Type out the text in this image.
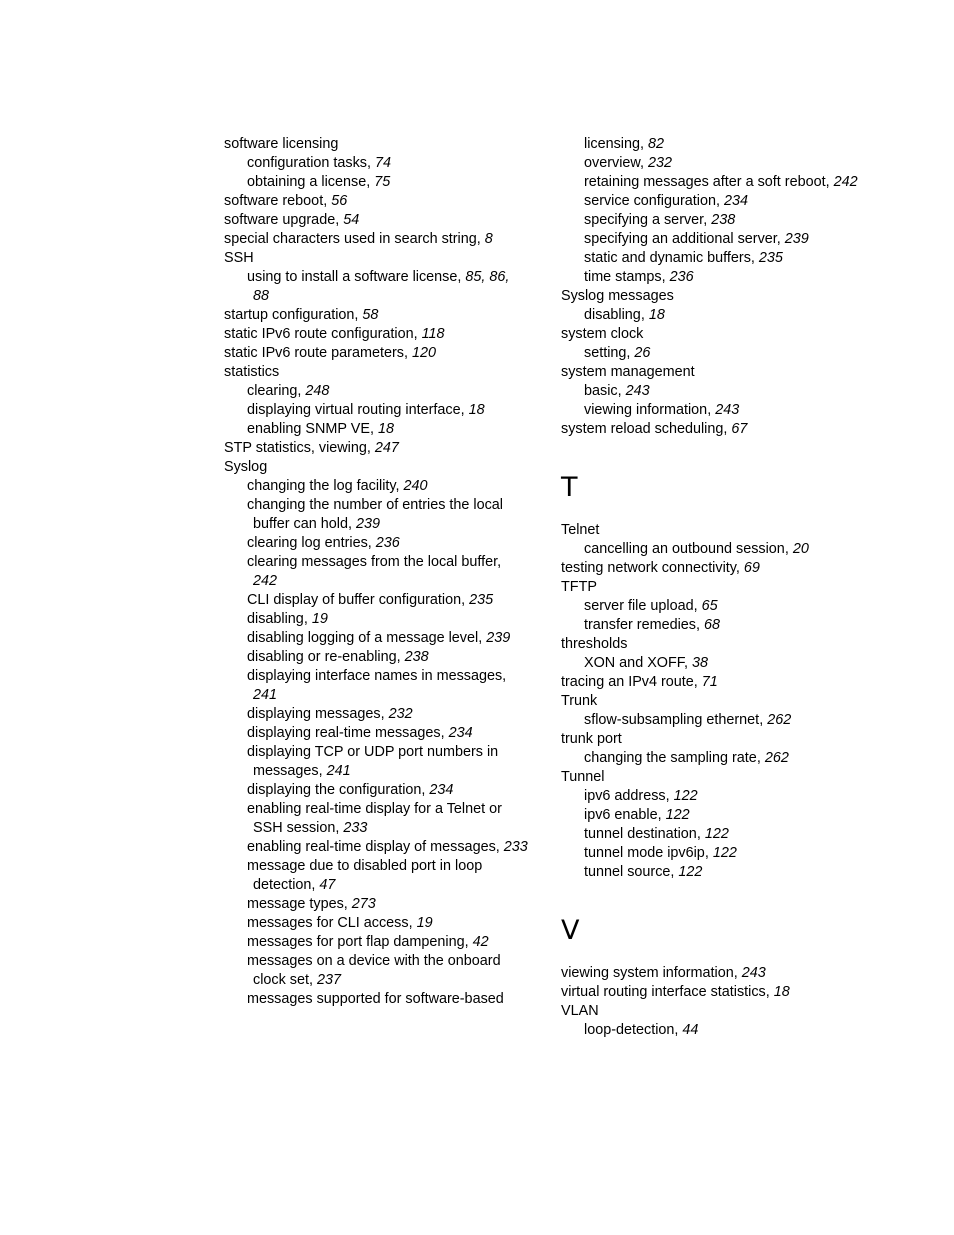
software licensing
configuration tasks, 74
obtaining a license, 75
software reboot, 56
software upgrade, 54
special characters used in search string, 8
SSH
using to install a software license, 85, 86,
88
startup configuration, 58
static IPv6 route configuration, 118
static IPv6 route parameters, 120
statistics
clearing, 248
displaying virtual routing interface, 18
enabling SNMP VE, 18
STP statistics, viewing, 247
Syslog
changing the log facility, 240
changing the number of entries the local
buffer can hold, 239
clearing log entries, 236
clearing messages from the local buffer,
242
CLI display of buffer configuration, 235
disabling, 19
disabling logging of a message level, 239
disabling or re-enabling, 238
displaying interface names in messages,
241
displaying messages, 232
displaying real-time messages, 234
displaying TCP or UDP port numbers in
messages, 241
displaying the configuration, 234
enabling real-time display for a Telnet or
SSH session, 233
enabling real-time display of messages, 233
message due to disabled port in loop
detection, 47
message types, 273
messages for CLI access, 19
messages for port flap dampening, 42
messages on a device with the onboard
clock set, 237
messages supported for software-based
licensing, 82
overview, 232
retaining messages after a soft reboot, 242
service configuration, 234
specifying a server, 238
specifying an additional server, 239
static and dynamic buffers, 235
time stamps, 236
Syslog messages
disabling, 18
system clock
setting, 26
system management
basic, 243
viewing information, 243
system reload scheduling, 67
T
Telnet
cancelling an outbound session, 20
testing network connectivity, 69
TFTP
server file upload, 65
transfer remedies, 68
thresholds
XON and XOFF, 38
tracing an IPv4 route, 71
Trunk
sflow-subsampling ethernet, 262
trunk port
changing the sampling rate, 262
Tunnel
ipv6 address, 122
ipv6 enable, 122
tunnel destination, 122
tunnel mode ipv6ip, 122
tunnel source, 122
V
viewing system information, 243
virtual routing interface statistics, 18
VLAN
loop-detection, 44
